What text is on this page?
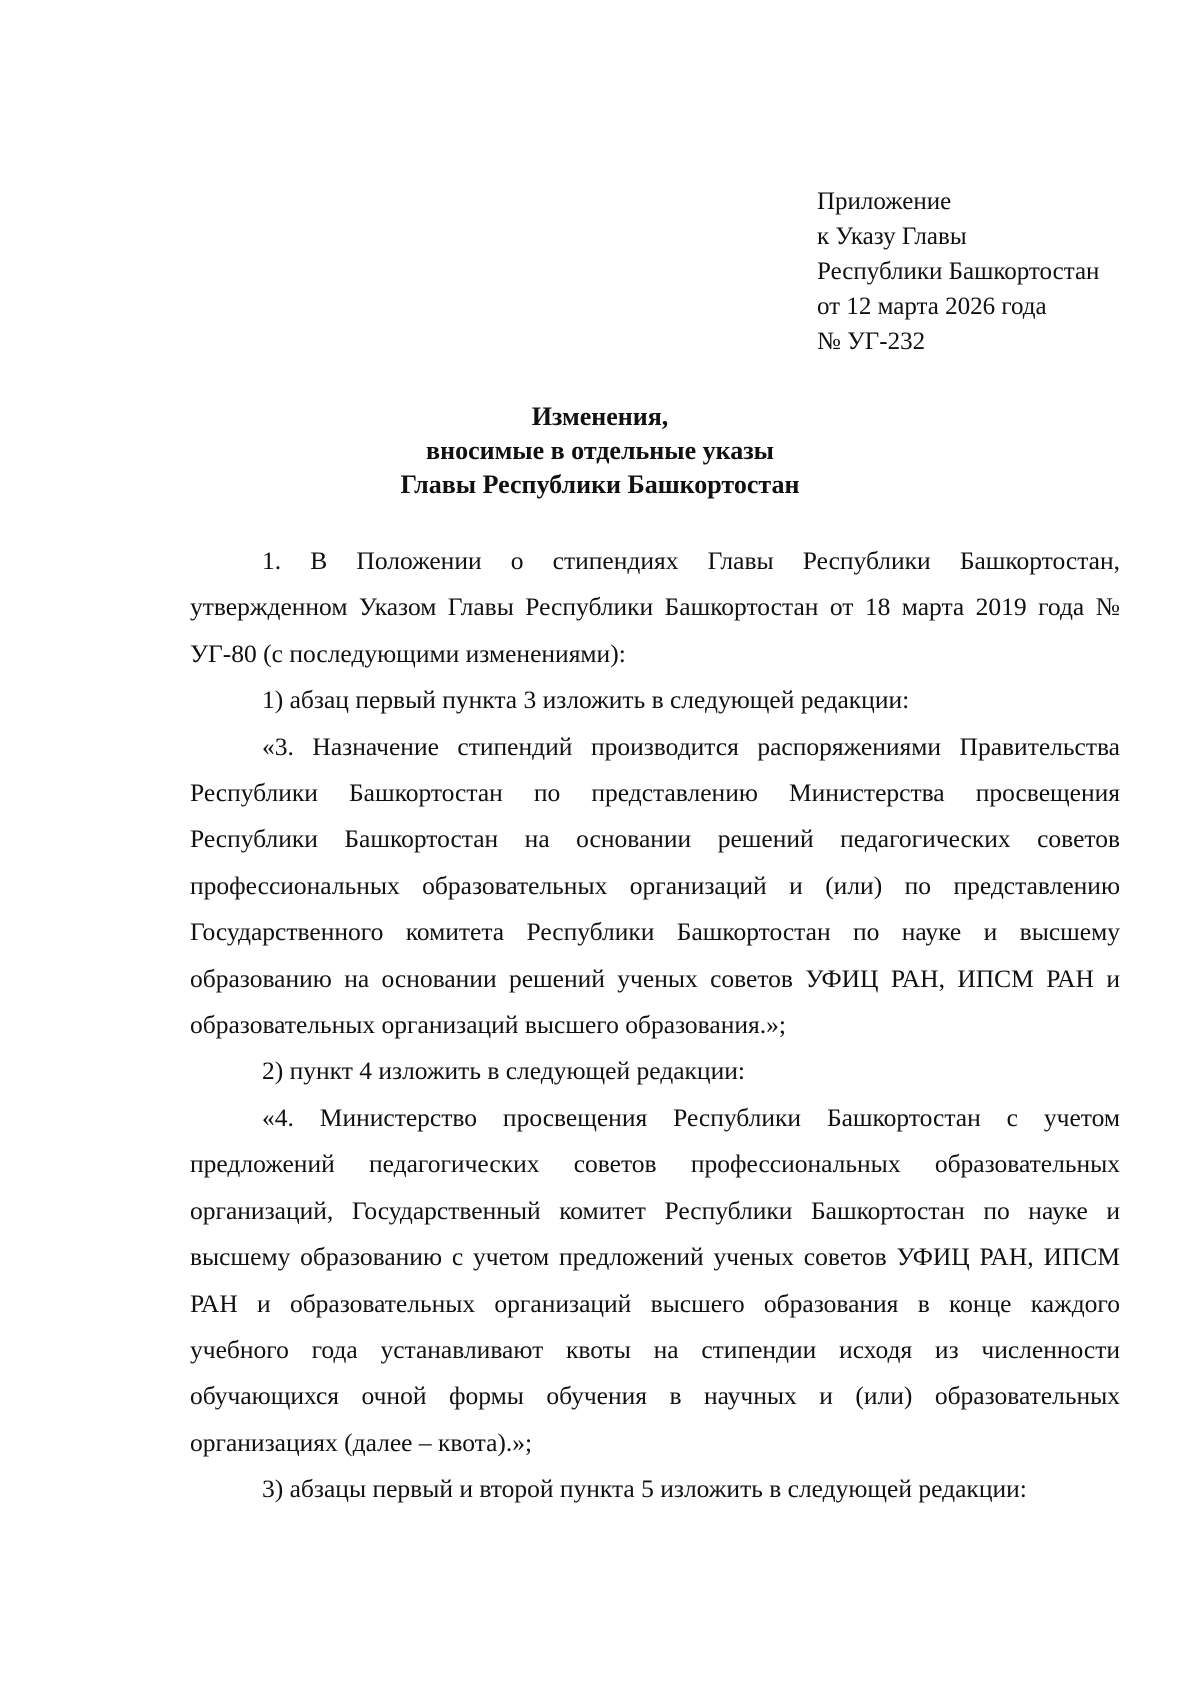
Приложение
к Указу Главы
Республики Башкортостан
от 12 марта 2026 года
№ УГ-232
Изменения,
вносимые в отдельные указы
Главы Республики Башкортостан

1. В Положении о стипендиях Главы Республики Башкортостан, утвержденном Указом Главы Республики Башкортостан от 18 марта 2019 года № УГ-80 (с последующими изменениями):

1) абзац первый пункта 3 изложить в следующей редакции:

«3. Назначение стипендий производится распоряжениями Правительства Республики Башкортостан по представлению Министерства просвещения Республики Башкортостан на основании решений педагогических советов профессиональных образовательных организаций и (или) по представлению Государственного комитета Республики Башкортостан по науке и высшему образованию на основании решений ученых советов УФИЦ РАН, ИПСМ РАН и образовательных организаций высшего образования.»;

2) пункт 4 изложить в следующей редакции:

«4. Министерство просвещения Республики Башкортостан с учетом предложений педагогических советов профессиональных образовательных организаций, Государственный комитет Республики Башкортостан по науке и высшему образованию с учетом предложений ученых советов УФИЦ РАН, ИПСМ РАН и образовательных организаций высшего образования в конце каждого учебного года устанавливают квоты на стипендии исходя из численности обучающихся очной формы обучения в научных и (или) образовательных организациях (далее – квота).»;

3) абзацы первый и второй пункта 5 изложить в следующей редакции:
